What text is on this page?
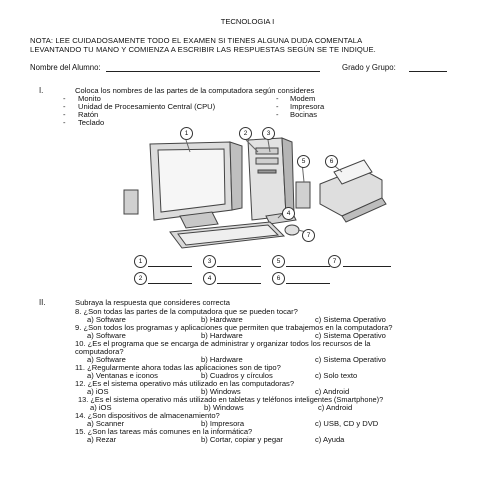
TECNOLOGIA I
NOTA: LEE CUIDADOSAMENTE TODO EL EXAMEN SI TIENES ALGUNA DUDA COMENTALA
LEVANTANDO TU MANO Y COMIENZA A ESCRIBIR LAS RESPUESTAS SEGÚN SE TE INDIQUE.
Nombre del Alumno:	Grado y Grupo:
I.	Coloca los nombres de las partes de la computadora según consideres
- Monito
- Unidad de Procesamiento Central (CPU)
- Ratón
- Teclado
- Modem
- Impresora
- Bocinas
1	2	3
4
5	6
7
1	3	5	7
2	4	6
II.	Subraya la respuesta que consideres correcta
8. ¿Son todas las partes de la computadora que se pueden tocar?
a) Software	b) Hardware	c) Sistema Operativo
9. ¿Son todos los programas y aplicaciones que permiten que trabajemos en la computadora?
a) Software	b) Hardware	c) Sistema Operativo
10. ¿Es el programa que se encarga de administrar y organizar todos los recursos de la
computadora?
a) Software	b) Hardware	c) Sistema Operativo
11. ¿Regularmente ahora todas las aplicaciones son de tipo?
a) Ventanas e iconos	b) Cuadros y círculos	c) Solo texto
12. ¿Es el sistema operativo más utilizado en las computadoras?
a) iOS	b) Windows	c) Android
13. ¿Es el sistema operativo más utilizado en tabletas y teléfonos inteligentes (Smartphone)?
a) iOS	b) Windows	c) Android
14. ¿Son dispositivos de almacenamiento?
a) Scanner	b) Impresora	c) USB, CD y DVD
15. ¿Son las tareas más comunes en la informática?
a) Rezar	b) Cortar, copiar y pegar	c) Ayuda
